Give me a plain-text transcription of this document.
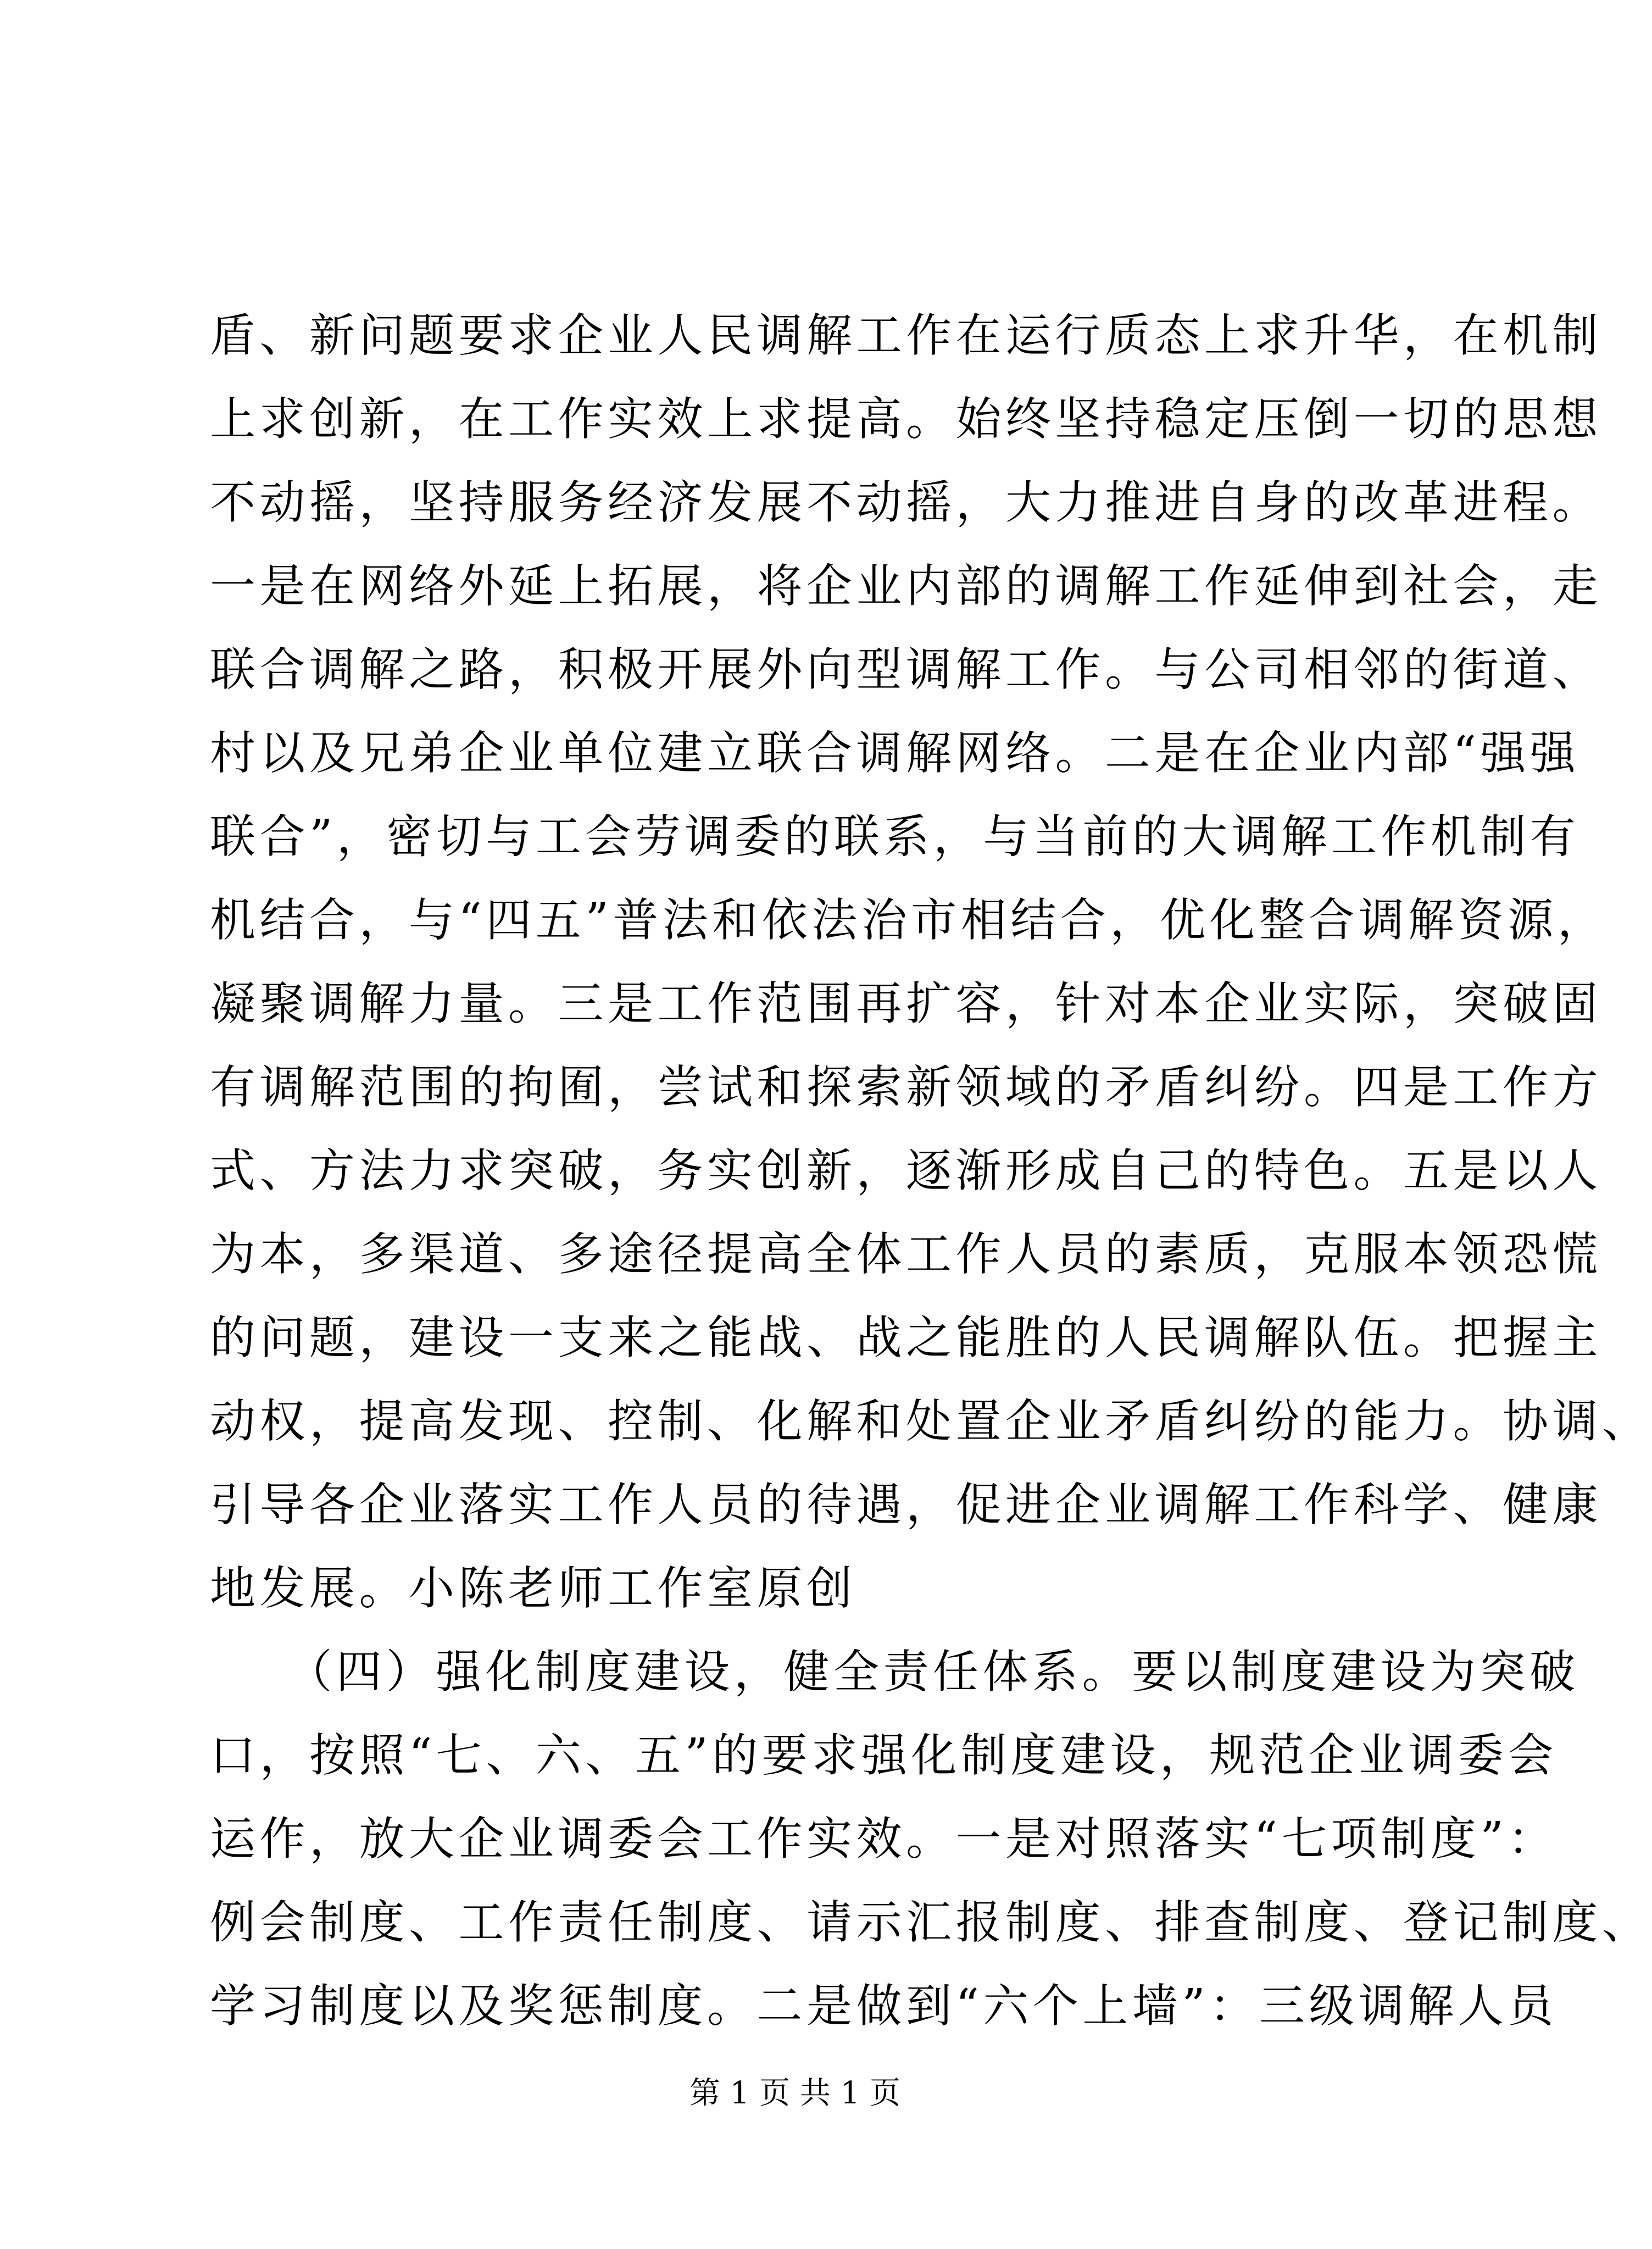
盾、新问题要求企业人民调解工作在运行质态上求升华，在机制
上求创新，在工作实效上求提高。始终坚持稳定压倒一切的思想
不动摇，坚持服务经济发展不动摇，大力推进自身的改革进程。
一是在网络外延上拓展，将企业内部的调解工作延伸到社会，走
联合调解之路，积极开展外向型调解工作。与公司相邻的街道、
村以及兄弟企业单位建立联合调解网络。二是在企业内部“强强
联合”，密切与工会劳调委的联系，与当前的大调解工作机制有
机结合，与“四五”普法和依法治市相结合，优化整合调解资源，
凝聚调解力量。三是工作范围再扩容，针对本企业实际，突破固
有调解范围的拘囿，尝试和探索新领域的矛盾纠纷。四是工作方
式、方法力求突破，务实创新，逐渐形成自己的特色。五是以人
为本，多渠道、多途径提高全体工作人员的素质，克服本领恐慌
的问题，建设一支来之能战、战之能胜的人民调解队伍。把握主
动权，提高发现、控制、化解和处置企业矛盾纠纷的能力。协调、
引导各企业落实工作人员的待遇，促进企业调解工作科学、健康
地发展。小陈老师工作室原创
　　（四）强化制度建设，健全责任体系。要以制度建设为突破
口，按照“七、六、五”的要求强化制度建设，规范企业调委会
运作，放大企业调委会工作实效。一是对照落实“七项制度”：
例会制度、工作责任制度、请示汇报制度、排查制度、登记制度、
学习制度以及奖惩制度。二是做到“六个上墙”：三级调解人员
第 1 页 共 1 页
